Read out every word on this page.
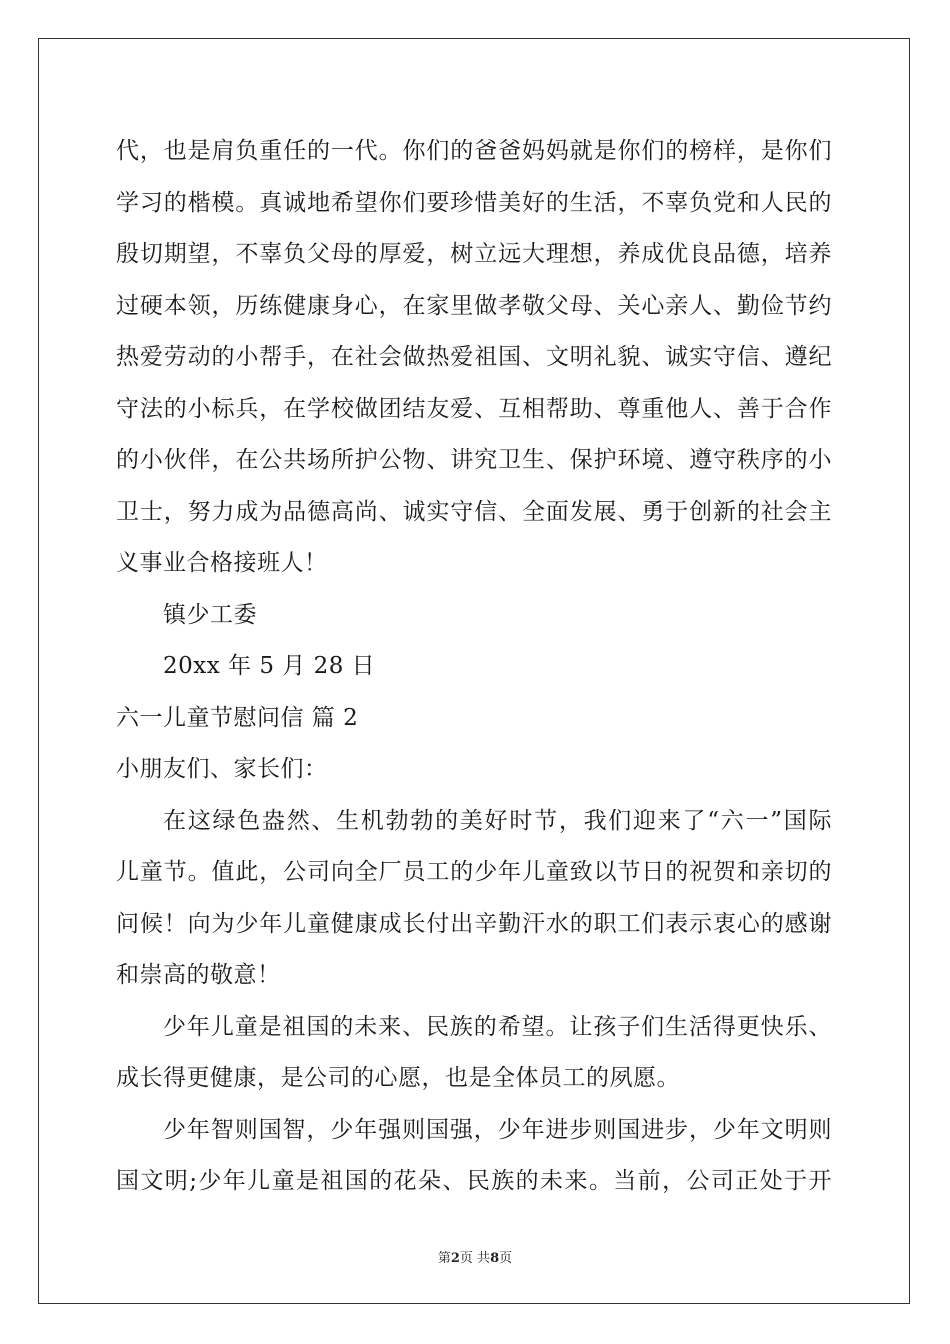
代，也是肩负重任的一代。你们的爸爸妈妈就是你们的榜样，是你们
学习的楷模。真诚地希望你们要珍惜美好的生活，不辜负党和人民的
殷切期望，不辜负父母的厚爱，树立远大理想，养成优良品德，培养
过硬本领，历练健康身心，在家里做孝敬父母、关心亲人、勤俭节约
热爱劳动的小帮手，在社会做热爱祖国、文明礼貌、诚实守信、遵纪
守法的小标兵，在学校做团结友爱、互相帮助、尊重他人、善于合作
的小伙伴，在公共场所护公物、讲究卫生、保护环境、遵守秩序的小
卫士，努力成为品德高尚、诚实守信、全面发展、勇于创新的社会主
义事业合格接班人！
镇少工委
20xx 年 5 月 28 日
六一儿童节慰问信 篇 2
小朋友们、家长们：
在这绿色盎然、生机勃勃的美好时节，我们迎来了“六一”国际
儿童节。值此，公司向全厂员工的少年儿童致以节日的祝贺和亲切的
问候！向为少年儿童健康成长付出辛勤汗水的职工们表示衷心的感谢
和崇高的敬意！
少年儿童是祖国的未来、民族的希望。让孩子们生活得更快乐、
成长得更健康，是公司的心愿，也是全体员工的夙愿。
少年智则国智，少年强则国强，少年进步则国进步，少年文明则
国文明;少年儿童是祖国的花朵、民族的未来。当前，公司正处于开
第2页 共8页
